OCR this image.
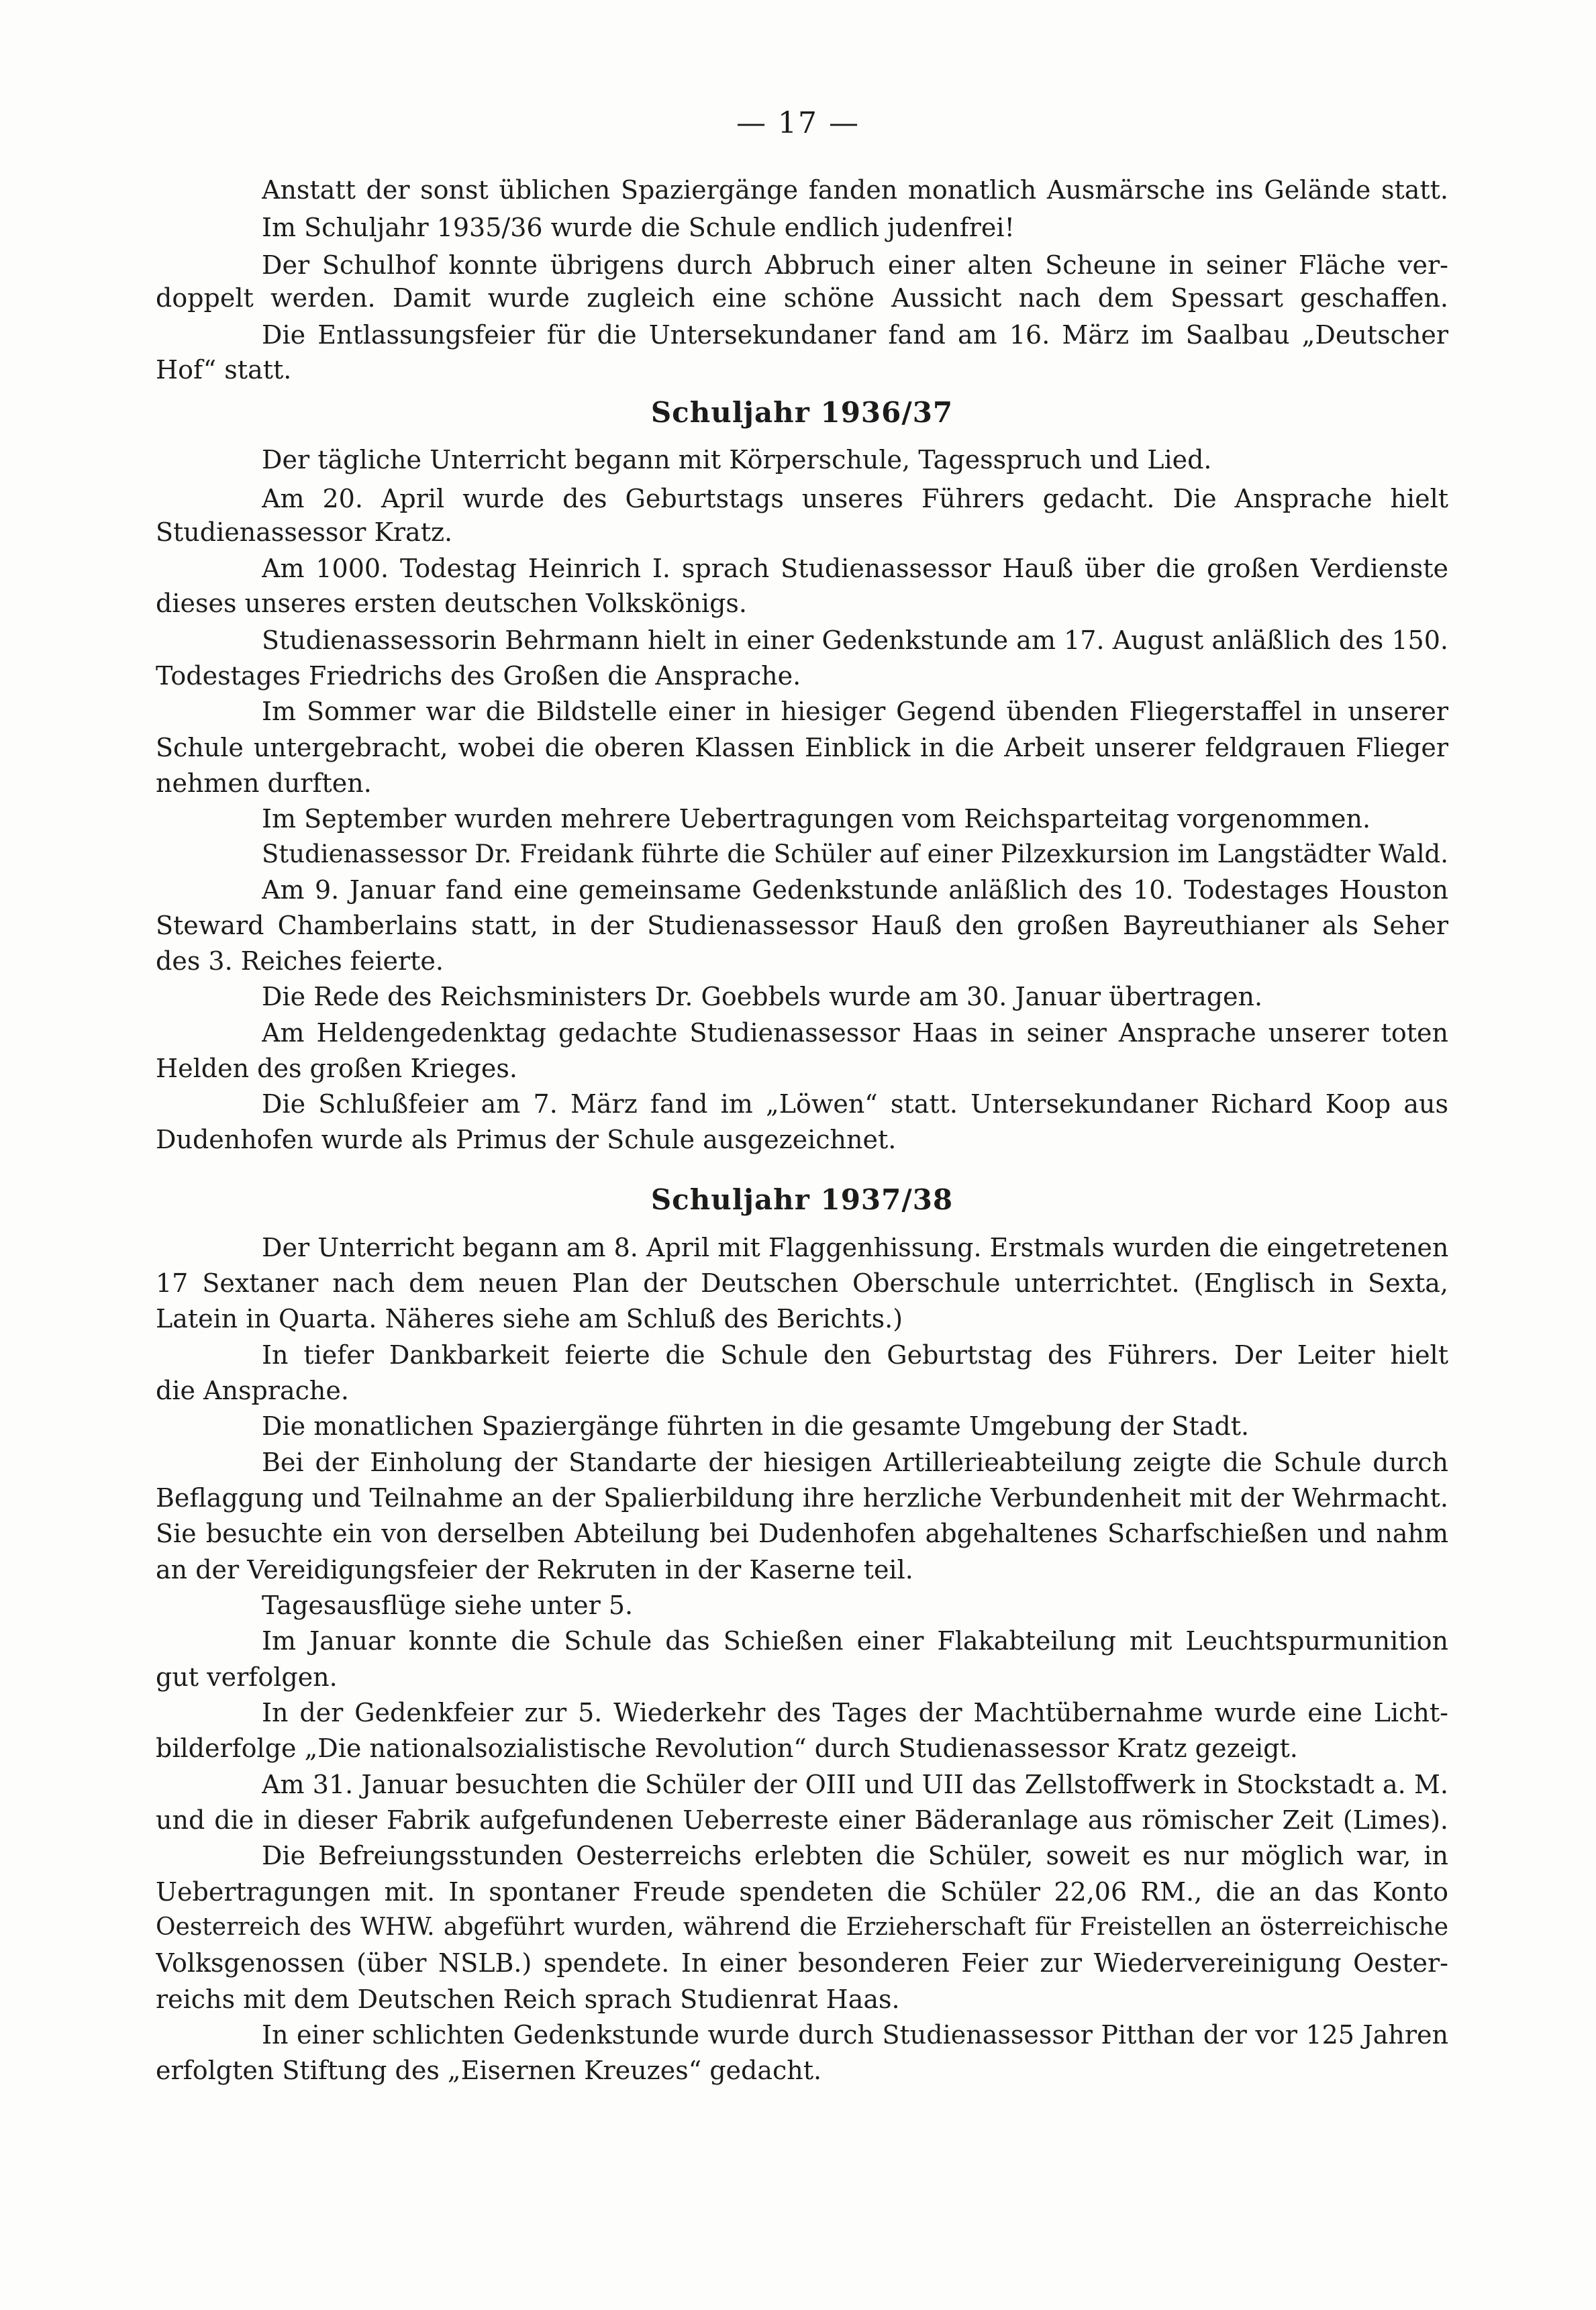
— 17 —
Anstatt der sonst üblichen Spaziergänge fanden monatlich Ausmärsche ins Gelände statt.
Im Schuljahr 1935/36 wurde die Schule endlich judenfrei!
Der Schulhof konnte übrigens durch Abbruch einer alten Scheune in seiner Fläche ver-
doppelt werden. Damit wurde zugleich eine schöne Aussicht nach dem Spessart geschaffen.
Die Entlassungsfeier für die Untersekundaner fand am 16. März im Saalbau „Deutscher
Hof“ statt.
Schuljahr 1936/37
Der tägliche Unterricht begann mit Körperschule, Tagesspruch und Lied.
Am 20. April wurde des Geburtstags unseres Führers gedacht. Die Ansprache hielt
Studienassessor Kratz.
Am 1000. Todestag Heinrich I. sprach Studienassessor Hauß über die großen Verdienste
dieses unseres ersten deutschen Volkskönigs.
Studienassessorin Behrmann hielt in einer Gedenkstunde am 17. August anläßlich des 150.
Todestages Friedrichs des Großen die Ansprache.
Im Sommer war die Bildstelle einer in hiesiger Gegend übenden Fliegerstaffel in unserer
Schule untergebracht, wobei die oberen Klassen Einblick in die Arbeit unserer feldgrauen Flieger
nehmen durften.
Im September wurden mehrere Uebertragungen vom Reichsparteitag vorgenommen.
Studienassessor Dr. Freidank führte die Schüler auf einer Pilzexkursion im Langstädter Wald.
Am 9. Januar fand eine gemeinsame Gedenkstunde anläßlich des 10. Todestages Houston
Steward Chamberlains statt, in der Studienassessor Hauß den großen Bayreuthianer als Seher
des 3. Reiches feierte.
Die Rede des Reichsministers Dr. Goebbels wurde am 30. Januar übertragen.
Am Heldengedenktag gedachte Studienassessor Haas in seiner Ansprache unserer toten
Helden des großen Krieges.
Die Schlußfeier am 7. März fand im „Löwen“ statt. Untersekundaner Richard Koop aus
Dudenhofen wurde als Primus der Schule ausgezeichnet.
Schuljahr 1937/38
Der Unterricht begann am 8. April mit Flaggenhissung. Erstmals wurden die eingetretenen
17 Sextaner nach dem neuen Plan der Deutschen Oberschule unterrichtet. (Englisch in Sexta,
Latein in Quarta. Näheres siehe am Schluß des Berichts.)
In tiefer Dankbarkeit feierte die Schule den Geburtstag des Führers. Der Leiter hielt
die Ansprache.
Die monatlichen Spaziergänge führten in die gesamte Umgebung der Stadt.
Bei der Einholung der Standarte der hiesigen Artillerieabteilung zeigte die Schule durch
Beflaggung und Teilnahme an der Spalierbildung ihre herzliche Verbundenheit mit der Wehrmacht.
Sie besuchte ein von derselben Abteilung bei Dudenhofen abgehaltenes Scharfschießen und nahm
an der Vereidigungsfeier der Rekruten in der Kaserne teil.
Tagesausflüge siehe unter 5.
Im Januar konnte die Schule das Schießen einer Flakabteilung mit Leuchtspurmunition
gut verfolgen.
In der Gedenkfeier zur 5. Wiederkehr des Tages der Machtübernahme wurde eine Licht-
bilderfolge „Die nationalsozialistische Revolution“ durch Studienassessor Kratz gezeigt.
Am 31. Januar besuchten die Schüler der OIII und UII das Zellstoffwerk in Stockstadt a. M.
und die in dieser Fabrik aufgefundenen Ueberreste einer Bäderanlage aus römischer Zeit (Limes).
Die Befreiungsstunden Oesterreichs erlebten die Schüler, soweit es nur möglich war, in
Uebertragungen mit. In spontaner Freude spendeten die Schüler 22,06 RM., die an das Konto
Oesterreich des WHW. abgeführt wurden, während die Erzieherschaft für Freistellen an österreichische
Volksgenossen (über NSLB.) spendete. In einer besonderen Feier zur Wiedervereinigung Oester-
reichs mit dem Deutschen Reich sprach Studienrat Haas.
In einer schlichten Gedenkstunde wurde durch Studienassessor Pitthan der vor 125 Jahren
erfolgten Stiftung des „Eisernen Kreuzes“ gedacht.
